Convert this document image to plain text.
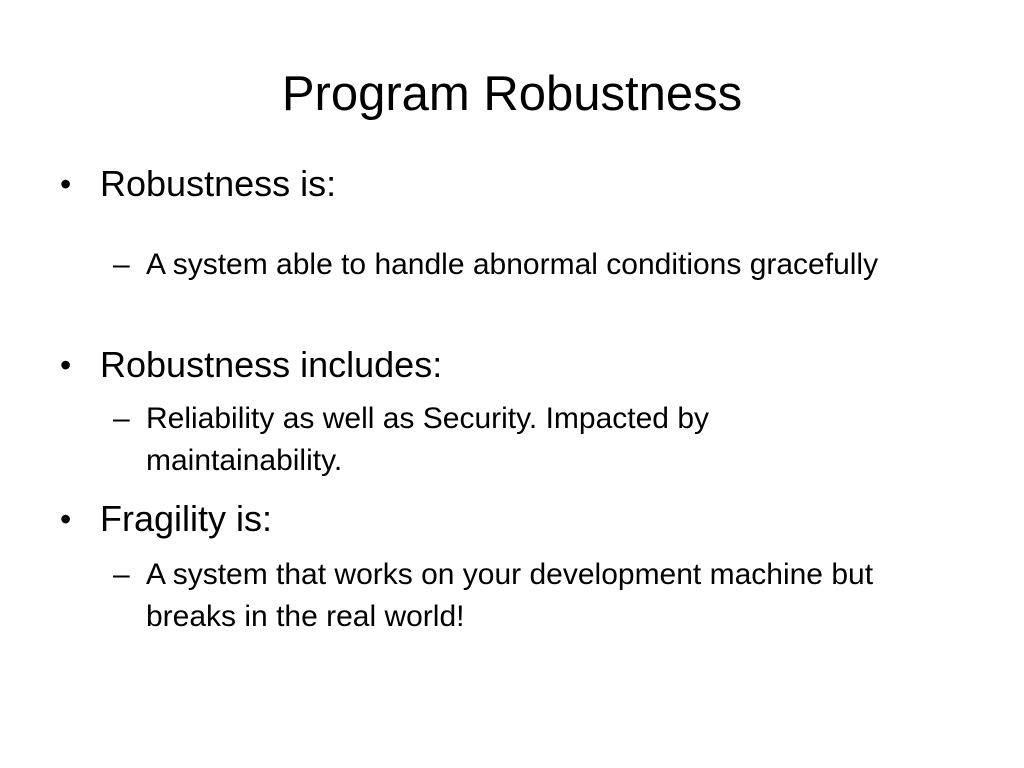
Program Robustness
• Robustness is:
– A system able to handle abnormal conditions gracefully
• Robustness includes:
– Reliability as well as Security. Impacted by maintainability.
• Fragility is:
– A system that works on your development machine but breaks in the real world!
